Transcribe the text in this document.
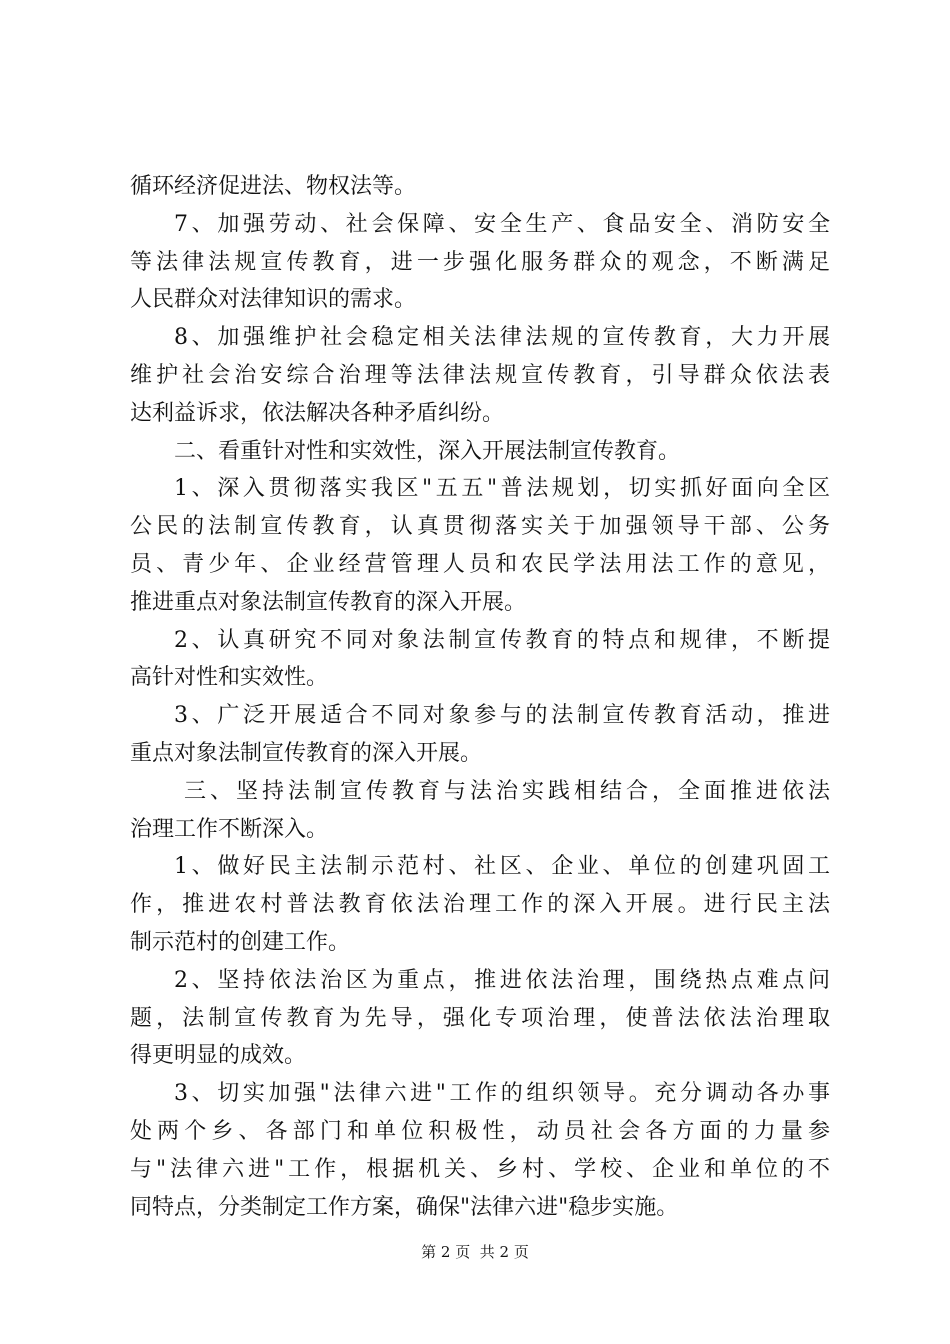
循环经济促进法、物权法等。
7、加强劳动、社会保障、安全生产、食品安全、消防安全
等法律法规宣传教育，进一步强化服务群众的观念，不断满足
人民群众对法律知识的需求。
8、加强维护社会稳定相关法律法规的宣传教育，大力开展
维护社会治安综合治理等法律法规宣传教育，引导群众依法表
达利益诉求，依法解决各种矛盾纠纷。
二、看重针对性和实效性，深入开展法制宣传教育。
1、深入贯彻落实我区"五五"普法规划，切实抓好面向全区
公民的法制宣传教育，认真贯彻落实关于加强领导干部、公务
员、青少年、企业经营管理人员和农民学法用法工作的意见，
推进重点对象法制宣传教育的深入开展。
2、认真研究不同对象法制宣传教育的特点和规律，不断提
高针对性和实效性。
3、广泛开展适合不同对象参与的法制宣传教育活动，推进
重点对象法制宣传教育的深入开展。
三、坚持法制宣传教育与法治实践相结合，全面推进依法
治理工作不断深入。
1、做好民主法制示范村、社区、企业、单位的创建巩固工
作，推进农村普法教育依法治理工作的深入开展。进行民主法
制示范村的创建工作。
2、坚持依法治区为重点，推进依法治理，围绕热点难点问
题，法制宣传教育为先导，强化专项治理，使普法依法治理取
得更明显的成效。
3、切实加强"法律六进"工作的组织领导。充分调动各办事
处两个乡、各部门和单位积极性，动员社会各方面的力量参
与"法律六进"工作，根据机关、乡村、学校、企业和单位的不
同特点，分类制定工作方案，确保"法律六进"稳步实施。
第 2 页  共 2 页
